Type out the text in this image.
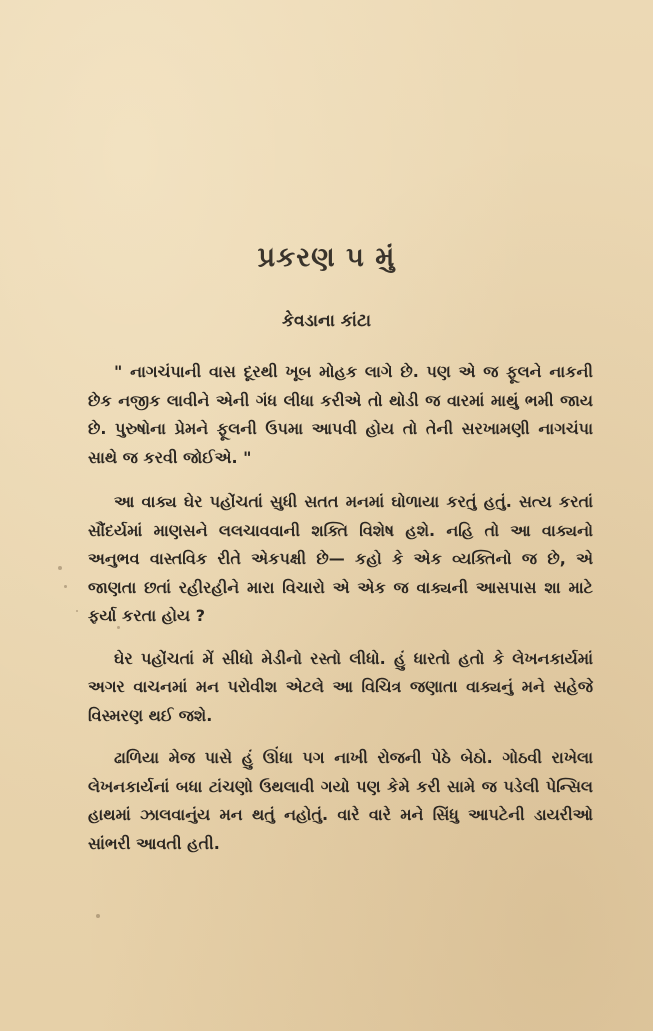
પ્રકરણ ૫ મું
કેવડાના કાંટા

" નાગચંપાની વાસ દૂરથી ખૂબ મોહક લાગે છે. પણ એ જ ફૂલને નાકની છેક નજીક લાવીને એની ગંધ લીધા કરીએ તો થોડી જ વારમાં માથું ભમી જાય છે. પુરુષોના પ્રેમને ફૂલની ઉપમા આપવી હોય તો તેની સરખામણી નાગચંપા સાથે જ કરવી જોઈએ. "

આ વાક્ય ઘેર પહોંચતાં સુધી સતત મનમાં ઘોળાયા કરતું હતું. સત્ય કરતાં સૌંદર્યમાં માણસને લલચાવવાની શક્તિ વિશેષ હશે. નહિ તો આ વાક્યનો અનુભવ વાસ્તવિક રીતે એકપક્ષી છે— કહો કે એક વ્યક્તિનો જ છે, એ જાણતા છતાં રહીરહીને મારા વિચારો એ એક જ વાક્યની આસપાસ શા માટે ફર્યા કરતા હોય ?

ઘેર પહોંચતાં મેં સીધો મેડીનો રસ્તો લીધો. હું ધારતો હતો કે લેખનકાર્યમાં અગર વાચનમાં મન પરોવીશ એટલે આ વિચિત્ર જણાતા વાક્યનું મને સહેજે વિસ્મરણ થઈ જશે.

ઢાળિયા મેજ પાસે હું ઊંધા પગ નાખી રોજની પેઠે બેઠો. ગોઠવી રાખેલા લેખનકાર્યનાં બધા ટાંચણો ઉથલાવી ગયો પણ કેમે કરી સામે જ પડેલી પેન્સિલ હાથમાં ઝાલવાનુંય મન થતું નહોતું. વારે વારે મને સિંધુ આપટેની ડાયરીઓ સાંભરી આવતી હતી.
